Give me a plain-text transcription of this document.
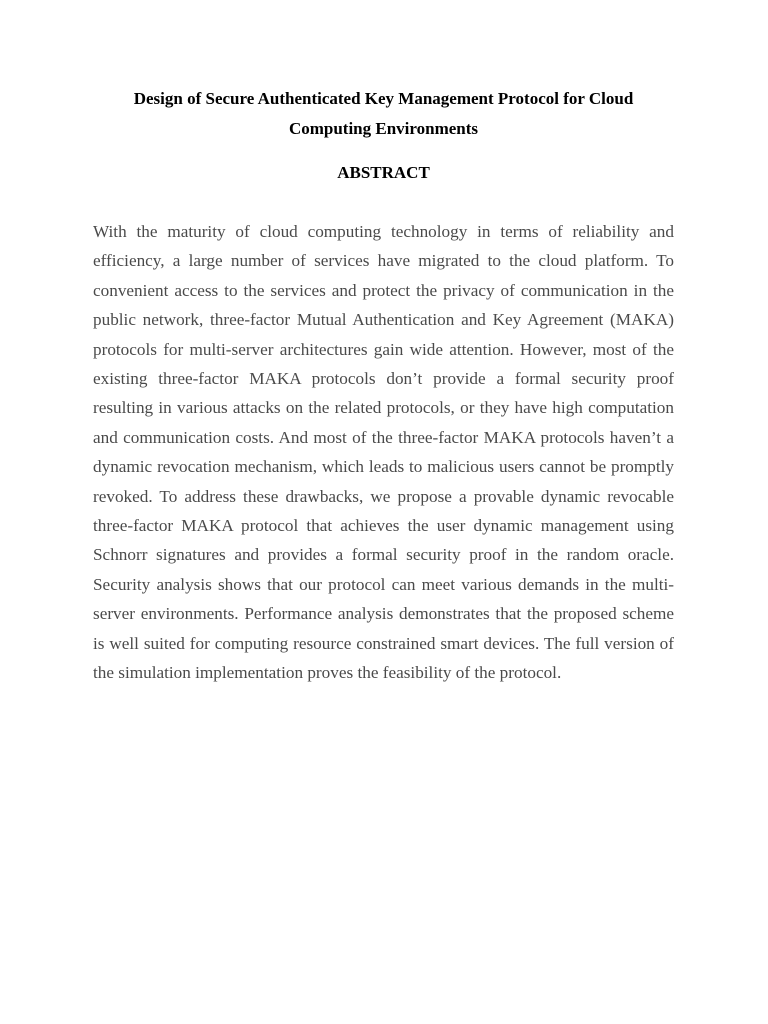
Design of Secure Authenticated Key Management Protocol for Cloud Computing Environments
ABSTRACT

With the maturity of cloud computing technology in terms of reliability and efficiency, a large number of services have migrated to the cloud platform. To convenient access to the services and protect the privacy of communication in the public network, three-factor Mutual Authentication and Key Agreement (MAKA) protocols for multi-server architectures gain wide attention. However, most of the existing three-factor MAKA protocols don’t provide a formal security proof resulting in various attacks on the related protocols, or they have high computation and communication costs. And most of the three-factor MAKA protocols haven’t a dynamic revocation mechanism, which leads to malicious users cannot be promptly revoked. To address these drawbacks, we propose a provable dynamic revocable three-factor MAKA protocol that achieves the user dynamic management using Schnorr signatures and provides a formal security proof in the random oracle. Security analysis shows that our protocol can meet various demands in the multi-server environments. Performance analysis demonstrates that the proposed scheme is well suited for computing resource constrained smart devices. The full version of the simulation implementation proves the feasibility of the protocol.
